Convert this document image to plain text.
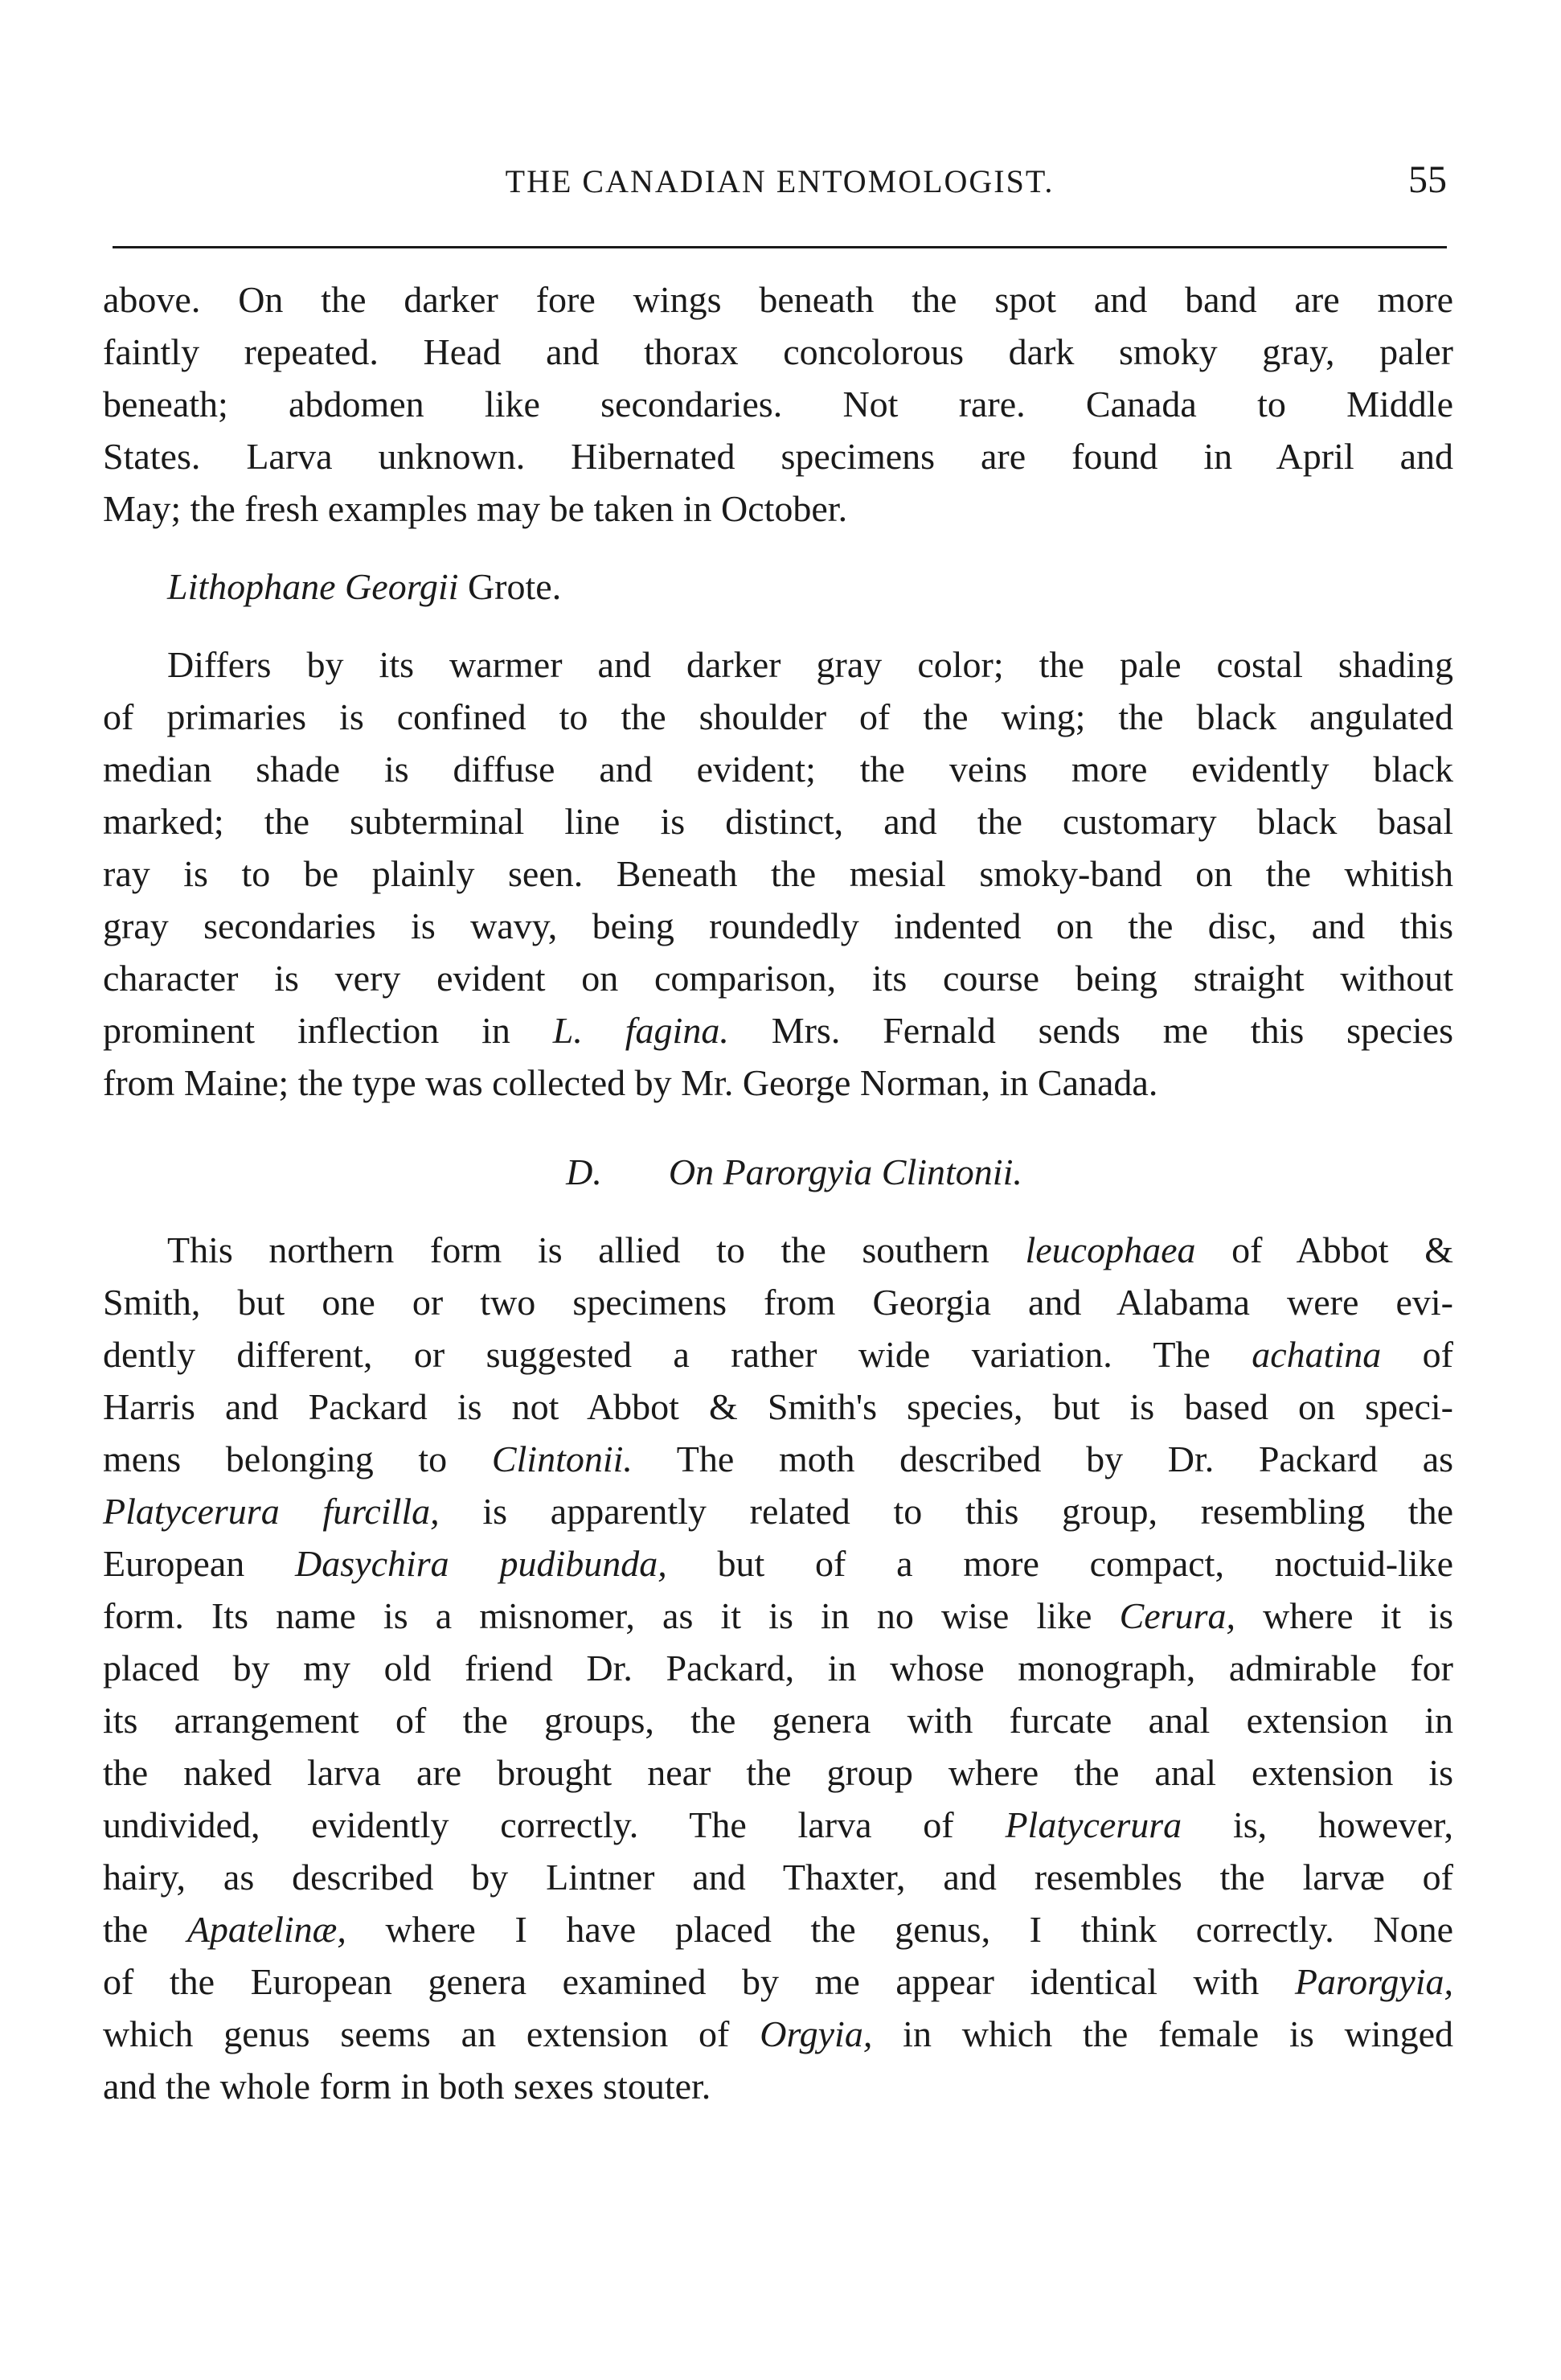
THE CANADIAN ENTOMOLOGIST.	55
above. On the darker fore wings beneath the spot and band are more
faintly repeated. Head and thorax concolorous dark smoky gray, paler
beneath; abdomen like secondaries. Not rare. Canada to Middle
States. Larva unknown. Hibernated specimens are found in April and
May; the fresh examples may be taken in October.
Lithophane Georgii Grote.
Differs by its warmer and darker gray color; the pale costal shading
of primaries is confined to the shoulder of the wing; the black angulated
median shade is diffuse and evident; the veins more evidently black
marked; the subterminal line is distinct, and the customary black basal
ray is to be plainly seen. Beneath the mesial smoky-band on the whitish
gray secondaries is wavy, being roundedly indented on the disc, and this
character is very evident on comparison, its course being straight without
prominent inflection in L. fagina. Mrs. Fernald sends me this species
from Maine; the type was collected by Mr. George Norman, in Canada.
D. On Parorgyia Clintonii.
This northern form is allied to the southern leucophaea of Abbot &
Smith, but one or two specimens from Georgia and Alabama were evi-
dently different, or suggested a rather wide variation. The achatina of
Harris and Packard is not Abbot & Smith's species, but is based on speci-
mens belonging to Clintonii. The moth described by Dr. Packard as
Platycerura furcilla, is apparently related to this group, resembling the
European Dasychira pudibunda, but of a more compact, noctuid-like
form. Its name is a misnomer, as it is in no wise like Cerura, where it is
placed by my old friend Dr. Packard, in whose monograph, admirable for
its arrangement of the groups, the genera with furcate anal extension in
the naked larva are brought near the group where the anal extension is
undivided, evidently correctly. The larva of Platycerura is, however,
hairy, as described by Lintner and Thaxter, and resembles the larvæ of
the Apatelinæ, where I have placed the genus, I think correctly. None
of the European genera examined by me appear identical with Parorgyia,
which genus seems an extension of Orgyia, in which the female is winged
and the whole form in both sexes stouter.
